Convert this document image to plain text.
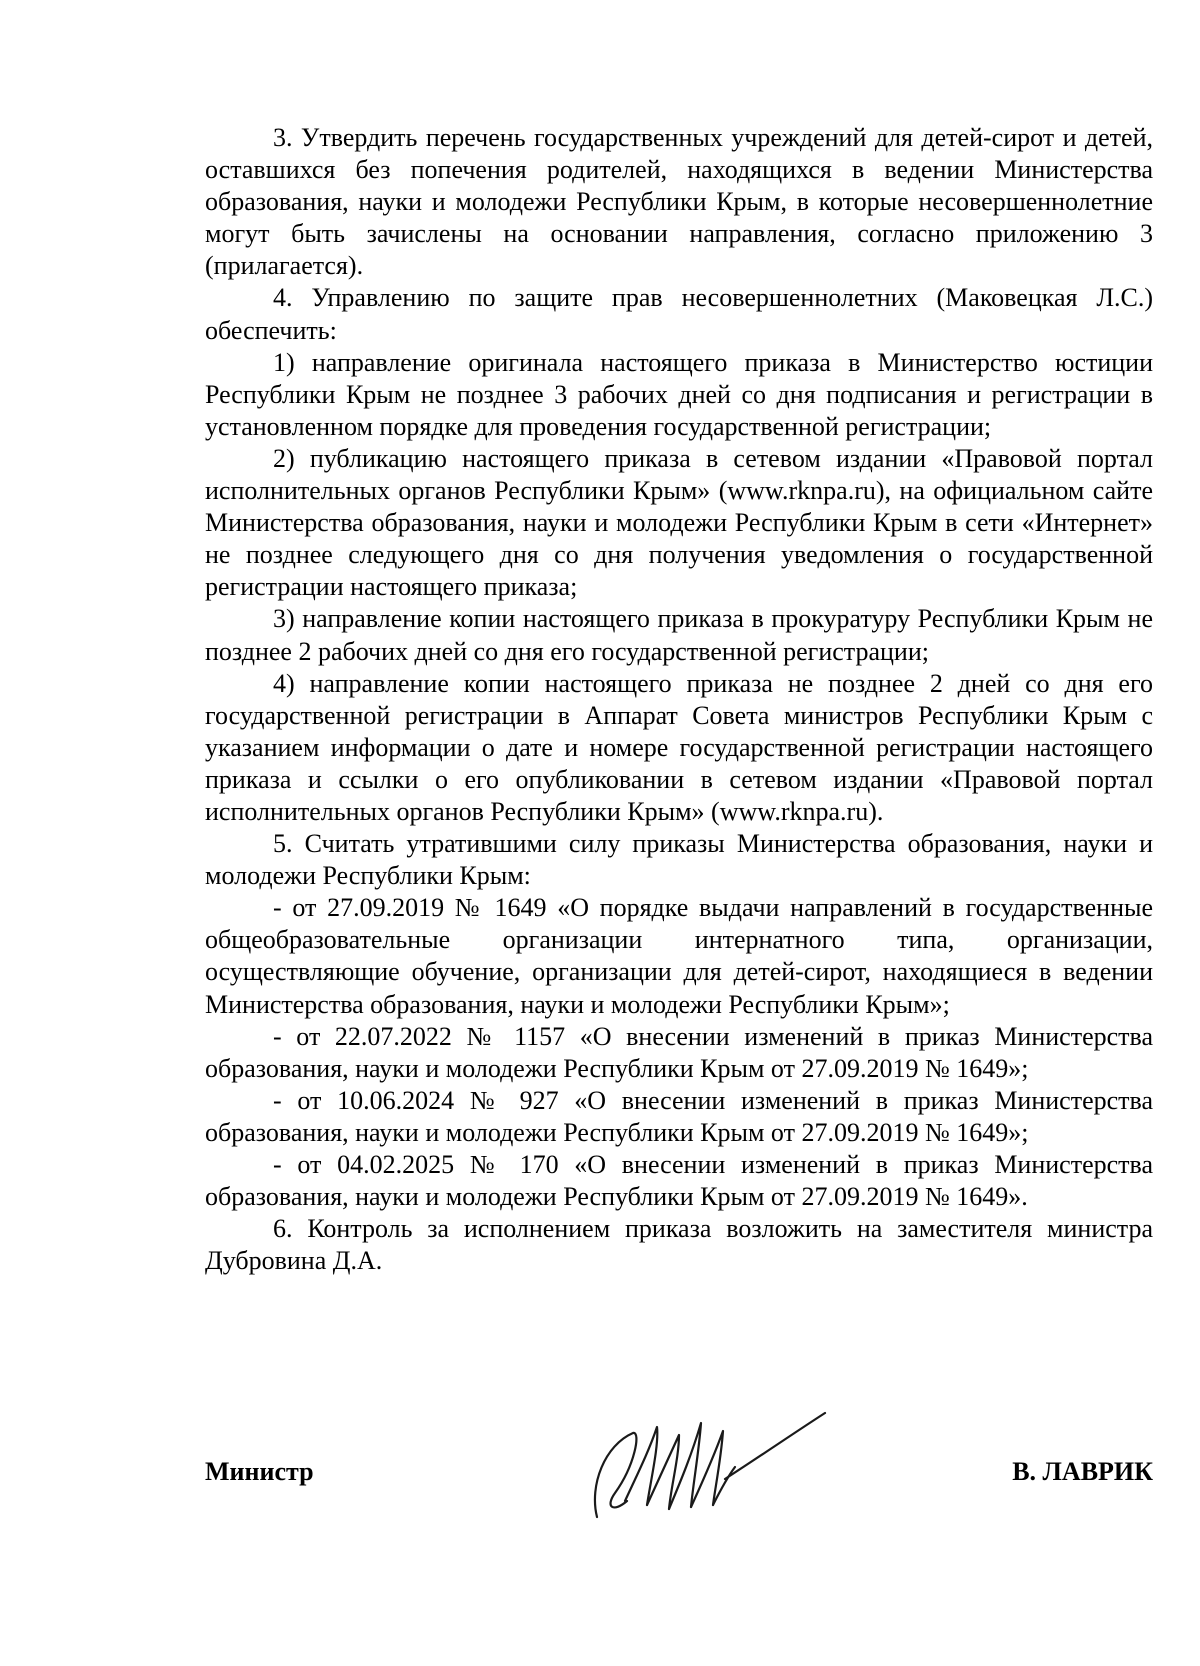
3. Утвердить перечень государственных учреждений для детей-сирот и детей, оставшихся без попечения родителей, находящихся в ведении Министерства образования, науки и молодежи Республики Крым, в которые несовершеннолетние могут быть зачислены на основании направления, согласно приложению 3 (прилагается).

4. Управлению по защите прав несовершеннолетних (Маковецкая Л.С.) обеспечить:

1) направление оригинала настоящего приказа в Министерство юстиции Республики Крым не позднее 3 рабочих дней со дня подписания и регистрации в установленном порядке для проведения государственной регистрации;

2) публикацию настоящего приказа в сетевом издании «Правовой портал исполнительных органов Республики Крым» (www.rknpa.ru), на официальном сайте Министерства образования, науки и молодежи Республики Крым в сети «Интернет» не позднее следующего дня со дня получения уведомления о государственной регистрации настоящего приказа;

3) направление копии настоящего приказа в прокуратуру Республики Крым не позднее 2 рабочих дней со дня его государственной регистрации;

4) направление копии настоящего приказа не позднее 2 дней со дня его государственной регистрации в Аппарат Совета министров Республики Крым с указанием информации о дате и номере государственной регистрации настоящего приказа и ссылки о его опубликовании в сетевом издании «Правовой портал исполнительных органов Республики Крым» (www.rknpa.ru).

5. Считать утратившими силу приказы Министерства образования, науки и молодежи Республики Крым:

- от 27.09.2019 № 1649 «О порядке выдачи направлений в государственные общеобразовательные организации интернатного типа, организации, осуществляющие обучение, организации для детей-сирот, находящиеся в ведении Министерства образования, науки и молодежи Республики Крым»;

- от 22.07.2022 № 1157 «О внесении изменений в приказ Министерства образования, науки и молодежи Республики Крым от 27.09.2019 № 1649»;

- от 10.06.2024 № 927 «О внесении изменений в приказ Министерства образования, науки и молодежи Республики Крым от 27.09.2019 № 1649»;

- от 04.02.2025 № 170 «О внесении изменений в приказ Министерства образования, науки и молодежи Республики Крым от 27.09.2019 № 1649».

6. Контроль за исполнением приказа возложить на заместителя министра Дубровина Д.А.

Министр	В. ЛАВРИК
